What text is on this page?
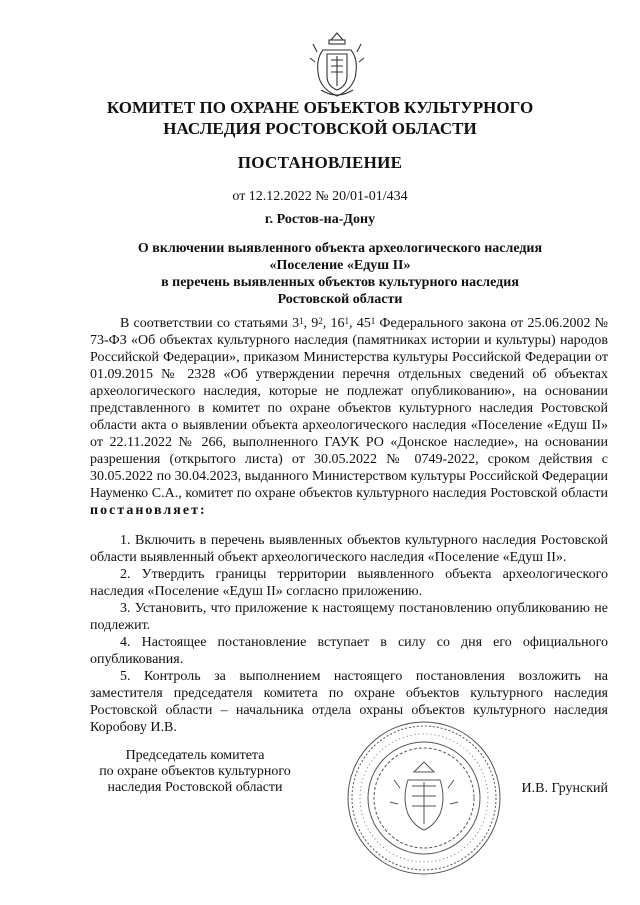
КОМИТЕТ ПО ОХРАНЕ ОБЪЕКТОВ КУЛЬТУРНОГО
НАСЛЕДИЯ РОСТОВСКОЙ ОБЛАСТИ
ПОСТАНОВЛЕНИЕ
от 12.12.2022 № 20/01-01/434
г. Ростов-на-Дону
О включении выявленного объекта археологического наследия
«Поселение «Едуш II»
в перечень выявленных объектов культурного наследия
Ростовской области

В соответствии со статьями $3^1$, $9^2$, $16^1$, $45^1$ Федерального закона от 25.06.2002 № 73-ФЗ «Об объектах культурного наследия (памятниках истории и культуры) народов Российской Федерации», приказом Министерства культуры Российской Федерации от 01.09.2015 № 2328 «Об утверждении перечня отдельных сведений об объектах археологического наследия, которые не подлежат опубликованию», на основании представленного в комитет по охране объектов культурного наследия Ростовской области акта о выявлении объекта археологического наследия «Поселение «Едуш II» от 22.11.2022 № 266, выполненного ГАУК РО «Донское наследие», на основании разрешения (открытого листа) от 30.05.2022 № 0749-2022, сроком действия с 30.05.2022 по 30.04.2023, выданного Министерством культуры Российской Федерации Науменко С.А., комитет по охране объектов культурного наследия Ростовской области постановляет:

1. Включить в перечень выявленных объектов культурного наследия Ростовской области выявленный объект археологического наследия «Поселение «Едуш II».

2. Утвердить границы территории выявленного объекта археологического наследия «Поселение «Едуш II» согласно приложению.

3. Установить, что приложение к настоящему постановлению опубликованию не подлежит.

4. Настоящее постановление вступает в силу со дня его официального опубликования.

5. Контроль за выполнением настоящего постановления возложить на заместителя председателя комитета по охране объектов культурного наследия Ростовской области – начальника отдела охраны объектов культурного наследия Коробову И.В.

Председатель комитета
по охране объектов культурного
наследия Ростовской области	И.В. Грунский
